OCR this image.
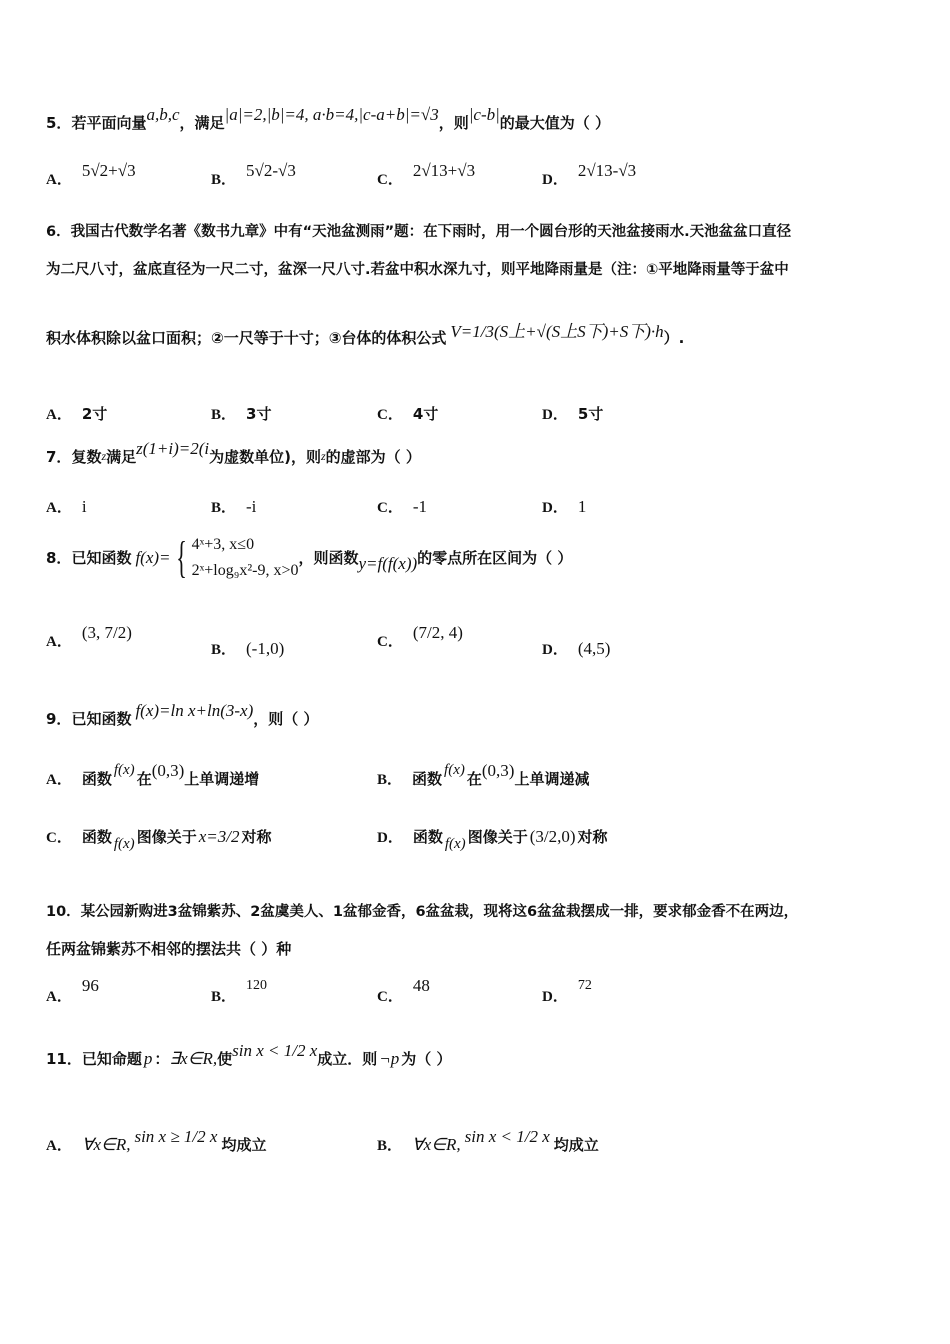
5． 若平面向量 a,b,c ，满足 |a|=2,|b|=4, a·b=4,|c-a+b|=√3 ，则 |c-b| 的最大值为（ ）
A．
5√2+√3
B．
5√2-√3
C．
2√13+√3
D．
2√13-√3
6． 我国古代数学名著《数书九章》中有“天池盆测雨”题：在下雨时，用一个圆台形的天池盆接雨水.天池盆盆口直径
为二尺八寸，盆底直径为一尺二寸，盆深一尺八寸.若盆中积水深九寸，则平地降雨量是（注：①平地降雨量等于盆中
积水体积除以盆口面积；②一尺等于十寸；③台体的体积公式 V=1/3(S上+√(S上S下)+S下)·h ）.
A． 2寸	B． 3寸	C． 4寸	D． 5寸
7． 复数 z 满足 z(1+i)=2(i 为虚数单位)，则 z 的虚部为（ ）
A． i	B． -i	C． -1	D． 1
8． 已知函数 f(x)= { 4ˣ+3, x≤0
2ˣ+log₉x²-9, x>0
，则函数 y=f(f(x)) 的零点所在区间为（ ）
A．
(3, 7/2)
B． (-1,0)	C．
(7/2, 4)
D． (4,5)
9． 已知函数 f(x)=ln x+ln(3-x) ，则（ ）
A． 函数 f(x) 在 (0,3) 上单调递增	B． 函数 f(x) 在 (0,3) 上单调递减
C． 函数 f(x) 图像关于 x=3/2 对称	D． 函数 f(x) 图像关于 (3/2,0) 对称
10． 某公园新购进3盆锦紫苏、2盆虞美人、1盆郁金香，6盆盆栽，现将这6盆盆栽摆成一排，要求郁金香不在两边，
任两盆锦紫苏不相邻的摆法共（ ）种
A．
96
B．
120
C．
48
D．
72
11． 已知命题 p ： ∃x∈R, 使 sin x < 1/2 x 成立．则 ¬p 为（ ）
A． ∀x∈R, sin x ≥ 1/2 x 均成立	B． ∀x∈R, sin x < 1/2 x 均成立
